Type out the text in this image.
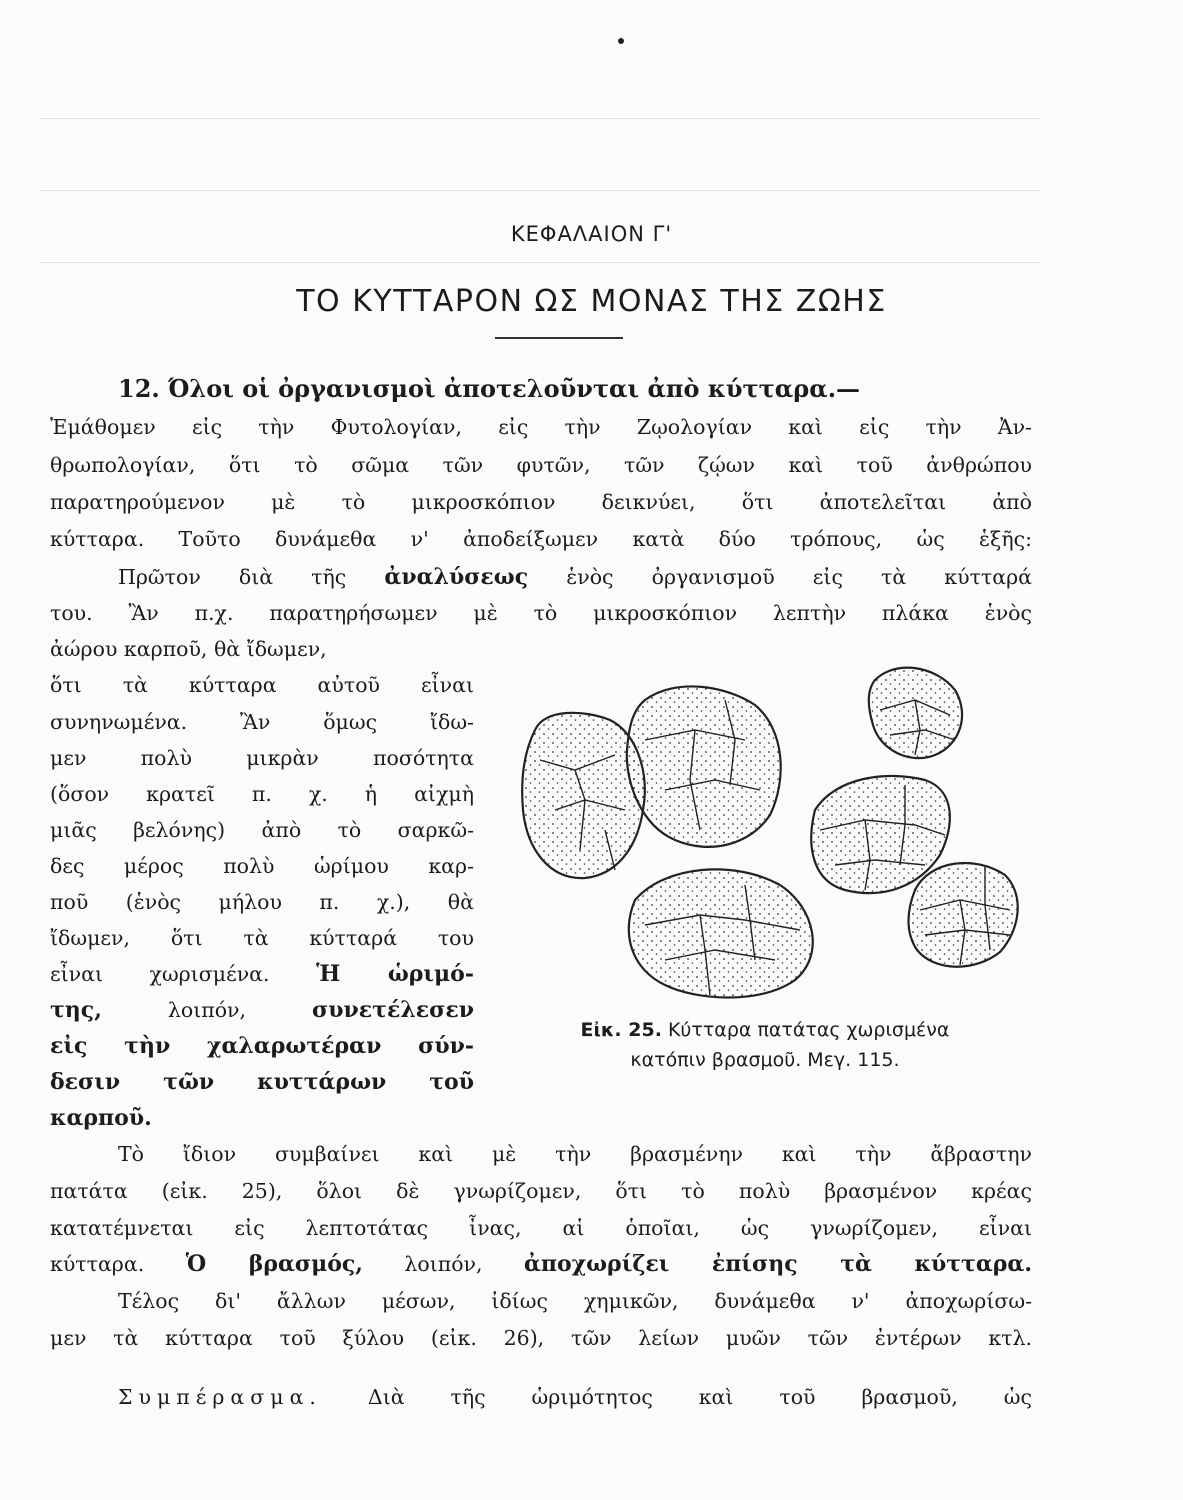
ΚΕΦΑΛΑΙΟΝ Γ'
ΤΟ ΚΥΤΤΑΡΟΝ ΩΣ ΜΟΝΑΣ ΤΗΣ ΖΩΗΣ
12. Όλοι οἱ ὀργανισμοὶ ἀποτελοῦνται ἀπὸ κύτταρα.—
Ἐμάθομεν εἰς τὴν Φυτολογίαν, εἰς τὴν Ζῳολογίαν καὶ εἰς τὴν Ἀν-
θρωπολογίαν, ὅτι τὸ σῶμα τῶν φυτῶν, τῶν ζῴων καὶ τοῦ ἀνθρώπου
παρατηρούμενον μὲ τὸ μικροσκόπιον δεικνύει, ὅτι ἀποτελεῖται ἀπὸ
κύτταρα. Τοῦτο δυνάμεθα ν' ἀποδείξωμεν κατὰ δύο τρόπους, ὡς ἑξῆς:
Πρῶτον διὰ τῆς ἀναλύσεως ἑνὸς ὀργανισμοῦ εἰς τὰ κύτταρά
του. Ἂν π.χ. παρατηρήσωμεν μὲ τὸ μικροσκόπιον λεπτὴν πλάκα ἑνὸς
ἀώρου καρποῦ, θὰ ἴδωμεν,
ὅτι τὰ κύτταρα αὐτοῦ εἶναι
συνηνωμένα. Ἂν ὅμως ἴδω-
μεν πολὺ μικρὰν ποσότητα
(ὅσον κρατεῖ π. χ. ἡ αἰχμὴ
μιᾶς βελόνης) ἀπὸ τὸ σαρκῶ-
δες μέρος πολὺ ὡρίμου καρ-
ποῦ (ἑνὸς μήλου π. χ.), θὰ
ἴδωμεν, ὅτι τὰ κύτταρά του
εἶναι χωρισμένα. Ἡ ὡριμό-
της,	λοιπόν,	συνετέλεσεν
εἰς τὴν χαλαρωτέραν σύν-
δεσιν τῶν κυττάρων τοῦ
καρποῦ.
Εἰκ. 25. Κύτταρα πατάτας χωρισμένα
κατόπιν βρασμοῦ. Μεγ. 115.
Τὸ ἴδιον συμβαίνει καὶ μὲ τὴν βρασμένην καὶ τὴν ἄβραστην
πατάτα (εἰκ. 25), ὅλοι δὲ γνωρίζομεν, ὅτι τὸ πολὺ βρασμένον κρέας
κατατέμνεται εἰς λεπτοτάτας ἶνας, αἱ ὁποῖαι, ὡς γνωρίζομεν, εἶναι
κύτταρα. Ὁ βρασμός, λοιπόν, ἀποχωρίζει ἐπίσης τὰ κύτταρα.
Τέλος δι' ἄλλων μέσων, ἰδίως χημικῶν, δυνάμεθα ν' ἀποχωρίσω-
μεν τὰ κύτταρα τοῦ ξύλου (εἰκ. 26), τῶν λείων μυῶν τῶν ἐντέρων κτλ.
Συμπέρασμα. Διὰ τῆς ὡριμότητος καὶ τοῦ βρασμοῦ, ὡς
